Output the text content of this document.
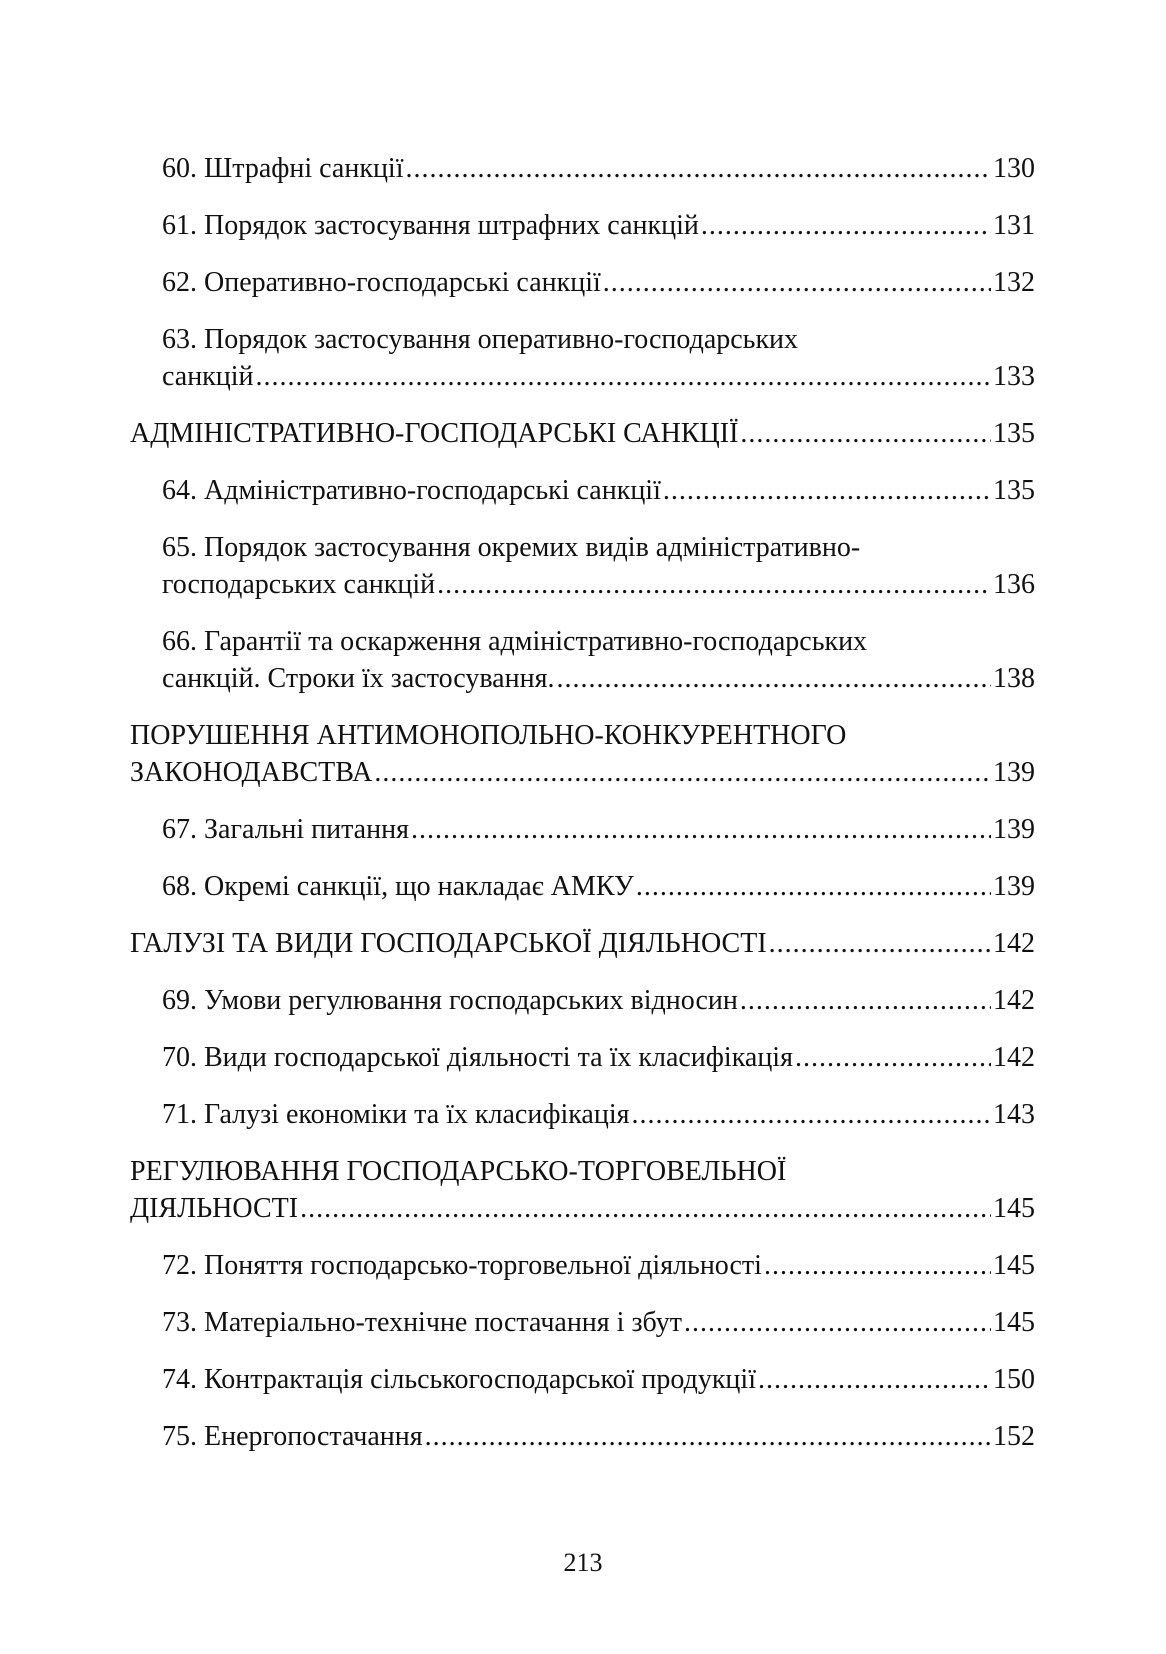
60. Штрафні санкції .....	130
61. Порядок застосування штрафних санкцій .....	131
62. Оперативно-господарські санкції .....	132
63. Порядок застосування оперативно-господарських
санкцій .....	133
АДМІНІСТРАТИВНО-ГОСПОДАРСЬКІ САНКЦІЇ .....	135
64. Адміністративно-господарські санкції .....	135
65. Порядок застосування окремих видів адміністративно-
господарських санкцій .....	136
66. Гарантії та оскарження адміністративно-господарських
санкцій. Строки їх застосування. .....	138
ПОРУШЕННЯ АНТИМОНОПОЛЬНО-КОНКУРЕНТНОГО
ЗАКОНОДАВСТВА .....	139
67. Загальні питання .....	139
68. Окремі санкції, що накладає АМКУ .....	139
ГАЛУЗІ ТА ВИДИ ГОСПОДАРСЬКОЇ ДІЯЛЬНОСТІ .....	142
69. Умови регулювання господарських відносин .....	142
70. Види господарської діяльності та їх класифікація .....	142
71. Галузі економіки та їх класифікація .....	143
РЕГУЛЮВАННЯ ГОСПОДАРСЬКО-ТОРГОВЕЛЬНОЇ
ДІЯЛЬНОСТІ .....	145
72. Поняття господарсько-торговельної діяльності .....	145
73. Матеріально-технічне постачання і збут .....	145
74. Контрактація сільськогосподарської продукції .....	150
75. Енергопостачання .....	152
213
